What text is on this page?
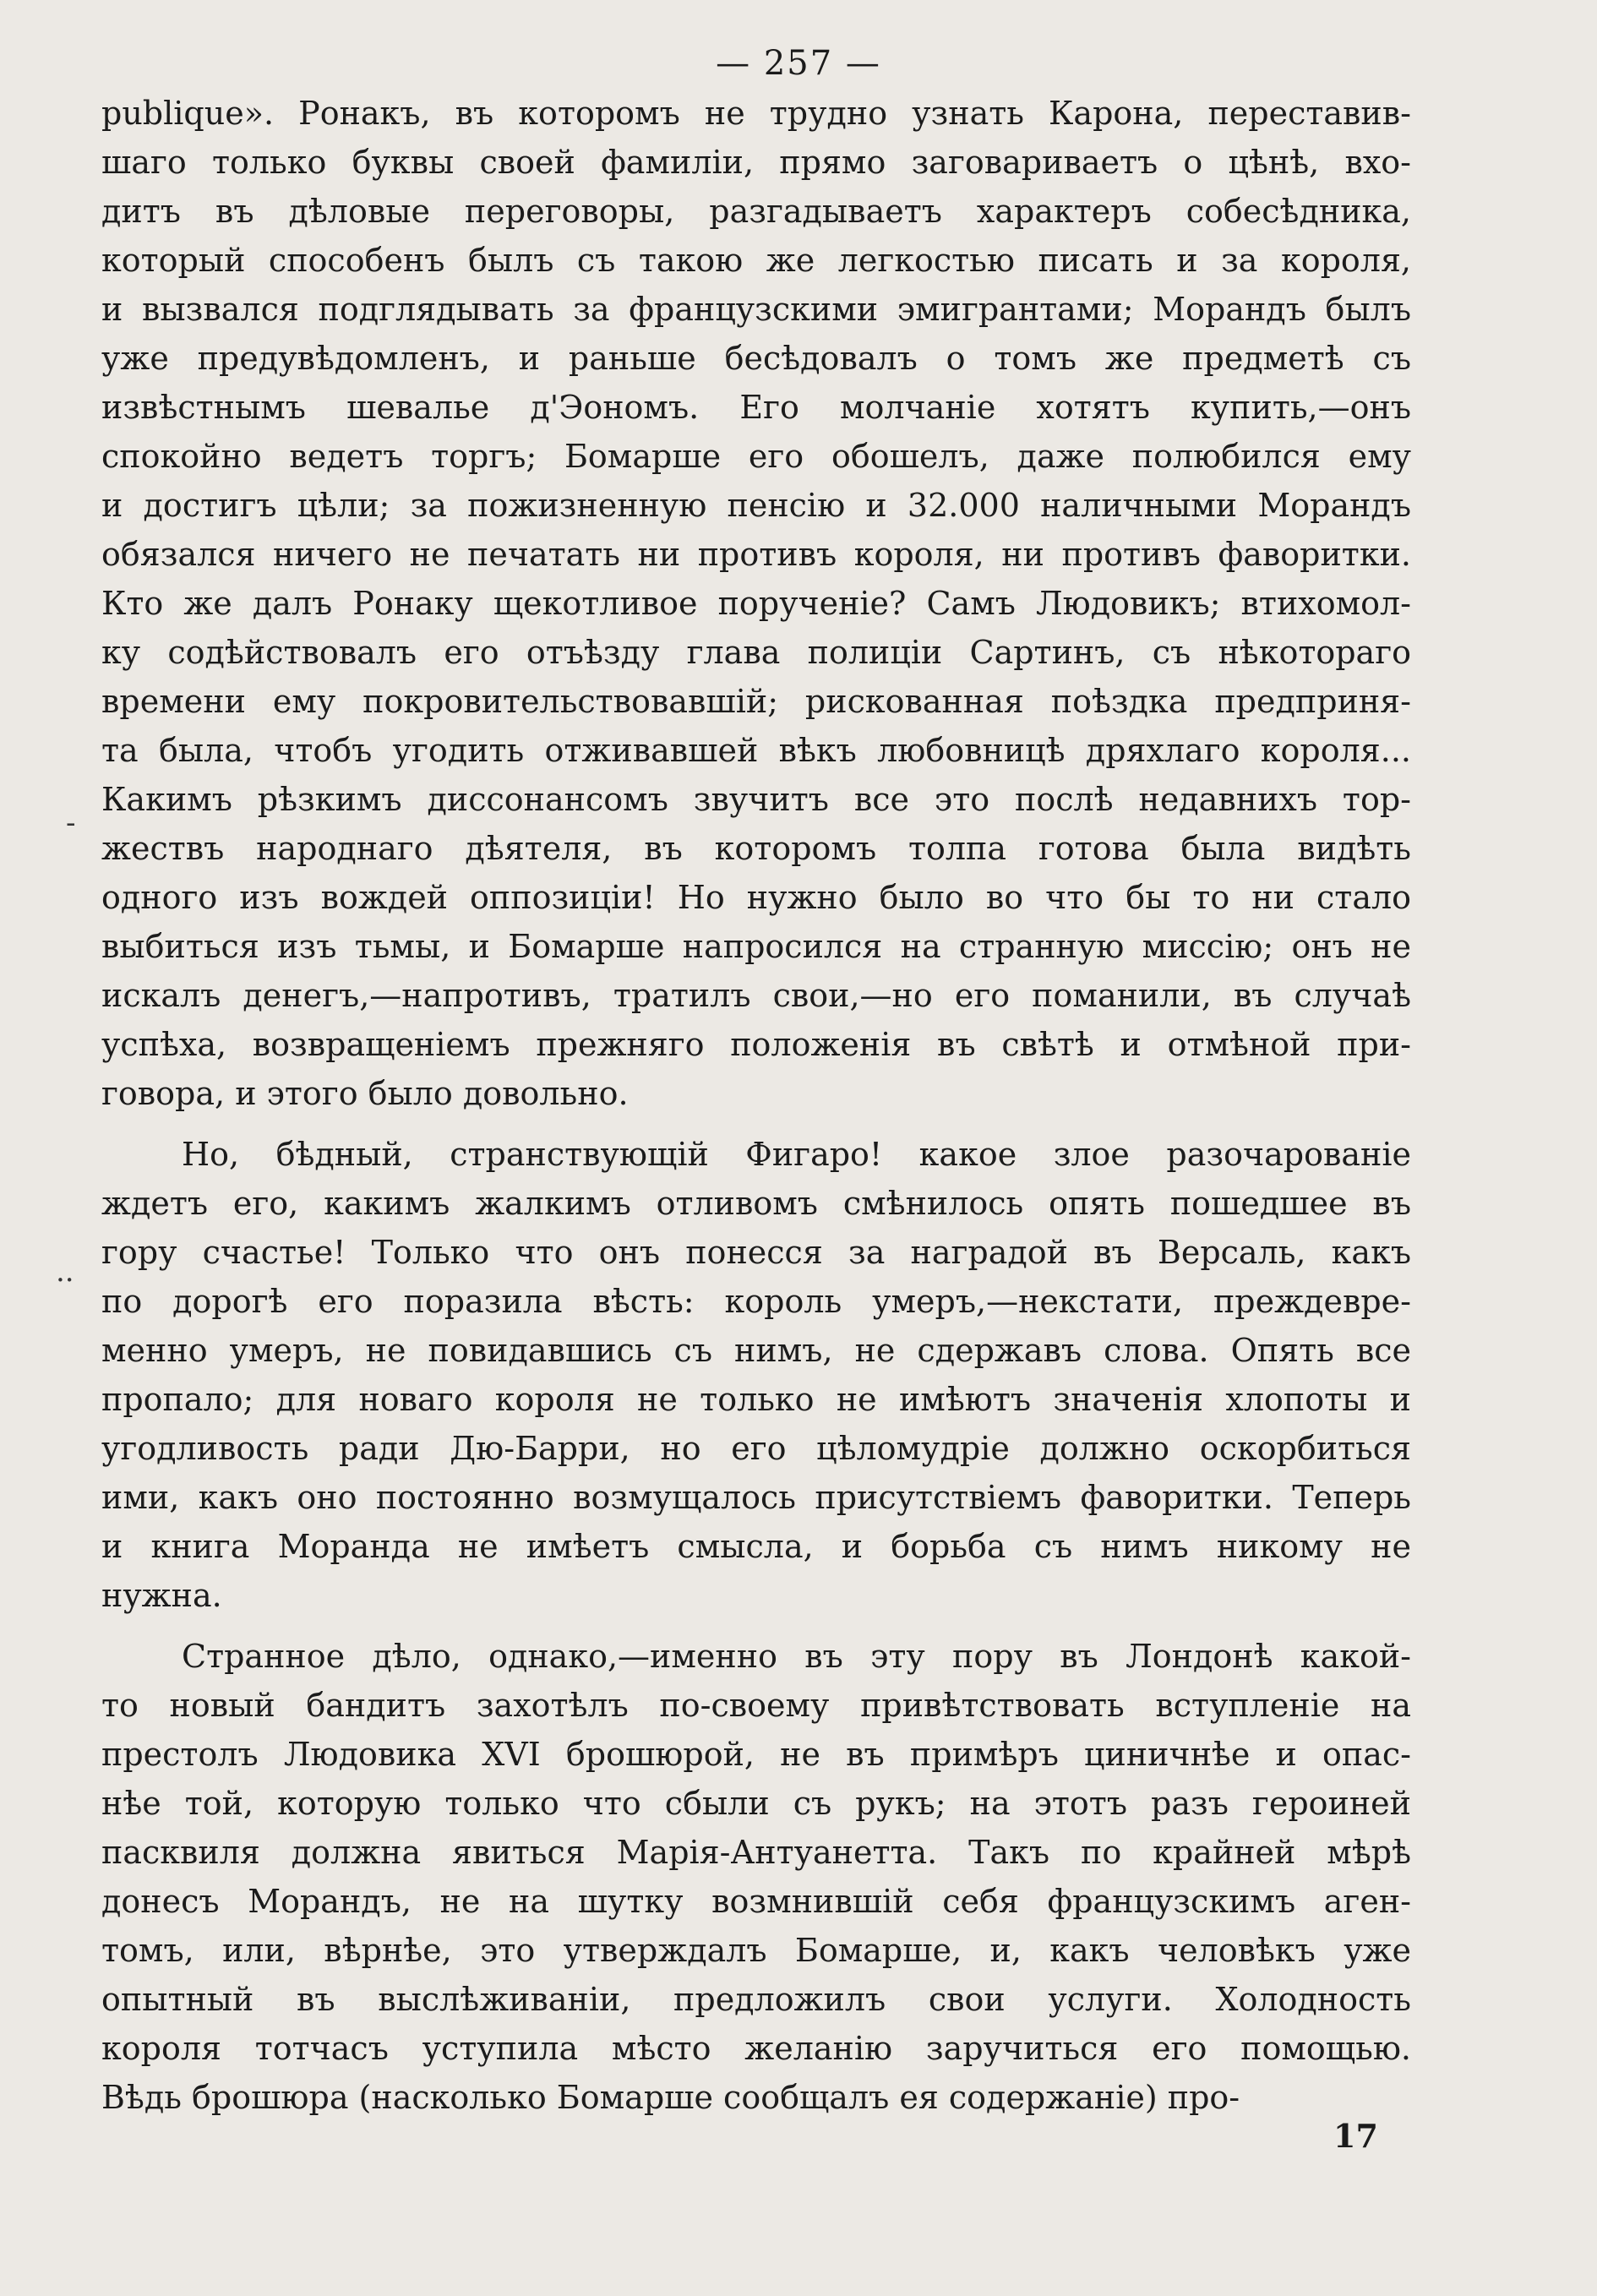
— 257 —
-
..
publique». Ронакъ, въ которомъ не трудно узнать Карона, переставив-
шаго только буквы своей фамиліи, прямо заговариваетъ о цѣнѣ, вхо-
дитъ въ дѣловые переговоры, разгадываетъ характеръ собесѣдника,
который способенъ былъ съ такою же легкостью писать и за короля,
и вызвался подглядывать за французскими эмигрантами; Морандъ былъ
уже предувѣдомленъ, и раньше бесѣдовалъ о томъ же предметѣ съ
извѣстнымъ шевалье д'Эономъ. Его молчаніе хотятъ купить,—онъ
спокойно ведетъ торгъ; Бомарше его обошелъ, даже полюбился ему
и достигъ цѣли; за пожизненную пенсію и 32.000 наличными Морандъ
обязался ничего не печатать ни противъ короля, ни противъ фаворитки.
Кто же далъ Ронаку щекотливое порученіе? Самъ Людовикъ; втихомол-
ку содѣйствовалъ его отъѣзду глава полиціи Сартинъ, съ нѣкотораго
времени ему покровительствовавшій; рискованная поѣздка предприня-
та была, чтобъ угодить отживавшей вѣкъ любовницѣ дряхлаго короля...
Какимъ рѣзкимъ диссонансомъ звучитъ все это послѣ недавнихъ тор-
жествъ народнаго дѣятеля, въ которомъ толпа готова была видѣть
одного изъ вождей оппозиціи! Но нужно было во что бы то ни стало
выбиться изъ тьмы, и Бомарше напросился на странную миссію; онъ не
искалъ денегъ,—напротивъ, тратилъ свои,—но его поманили, въ случаѣ
успѣха, возвращеніемъ прежняго положенія въ свѣтѣ и отмѣной при-
говора, и этого было довольно.
Но, бѣдный, странствующій Фигаро! какое злое разочарованіе
ждетъ его, какимъ жалкимъ отливомъ смѣнилось опять пошедшее въ
гору счастье! Только что онъ понесся за наградой въ Версаль, какъ
по дорогѣ его поразила вѣсть: король умеръ,—некстати, преждевре-
менно умеръ, не повидавшись съ нимъ, не сдержавъ слова. Опять все
пропало; для новаго короля не только не имѣютъ значенія хлопоты и
угодливость ради Дю-Барри, но его цѣломудріе должно оскорбиться
ими, какъ оно постоянно возмущалось присутствіемъ фаворитки. Теперь
и книга Моранда не имѣетъ смысла, и борьба съ нимъ никому не
нужна.
Странное дѣло, однако,—именно въ эту пору въ Лондонѣ какой-
то новый бандитъ захотѣлъ по-своему привѣтствовать вступленіе на
престолъ Людовика XVI брошюрой, не въ примѣръ циничнѣе и опас-
нѣе той, которую только что сбыли съ рукъ; на этотъ разъ героиней
пасквиля должна явиться Марія-Антуанетта. Такъ по крайней мѣрѣ
донесъ Морандъ, не на шутку возмнившій себя французскимъ аген-
томъ, или, вѣрнѣе, это утверждалъ Бомарше, и, какъ человѣкъ уже
опытный въ выслѣживаніи, предложилъ свои услуги. Холодность
короля тотчасъ уступила мѣсто желанію заручиться его помощью.
Вѣдь брошюра (насколько Бомарше сообщалъ ея содержаніе) про-
17
